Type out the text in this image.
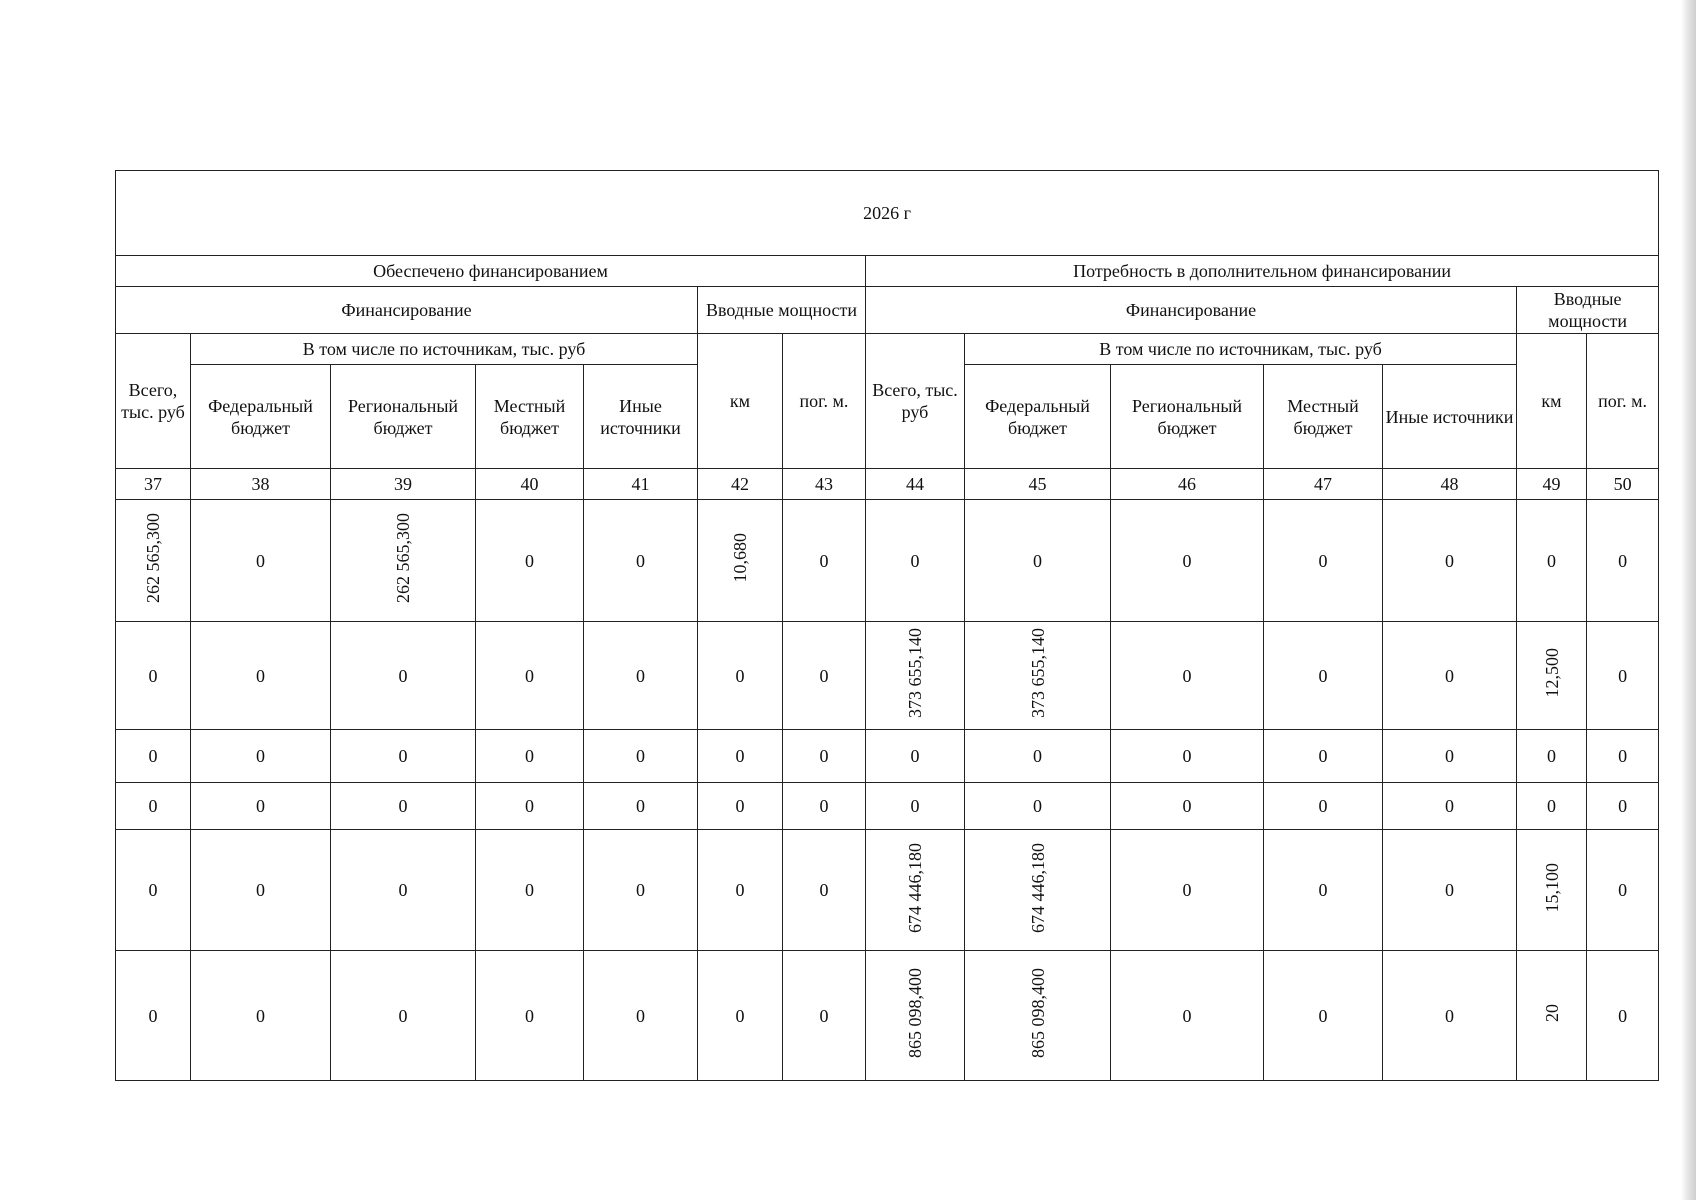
2026 г													
Обеспечено финансированием							Потребность в дополнительном финансировании						
Финансирование					Вводные мощности		Финансирование					Вводные мощности	
Всего, тыс. руб	В том числе по источникам, тыс. руб				км	пог. м.	Всего, тыс. руб	В том числе по источникам, тыс. руб				км	пог. м.
	Федеральный бюджет	Региональный бюджет	Местный бюджет	Иные источники				Федеральный бюджет	Региональный бюджет	Местный бюджет	Иные источники		
37	38	39	40	41	42	43	44	45	46	47	48	49	50
262 565,300	0	262 565,300	0	0	10,680	0	0	0	0	0	0	0	0
0	0	0	0	0	0	0	373 655,140	373 655,140	0	0	0	12,500	0
0	0	0	0	0	0	0	0	0	0	0	0	0	0
0	0	0	0	0	0	0	0	0	0	0	0	0	0
0	0	0	0	0	0	0	674 446,180	674 446,180	0	0	0	15,100	0
0	0	0	0	0	0	0	865 098,400	865 098,400	0	0	0	20	0
